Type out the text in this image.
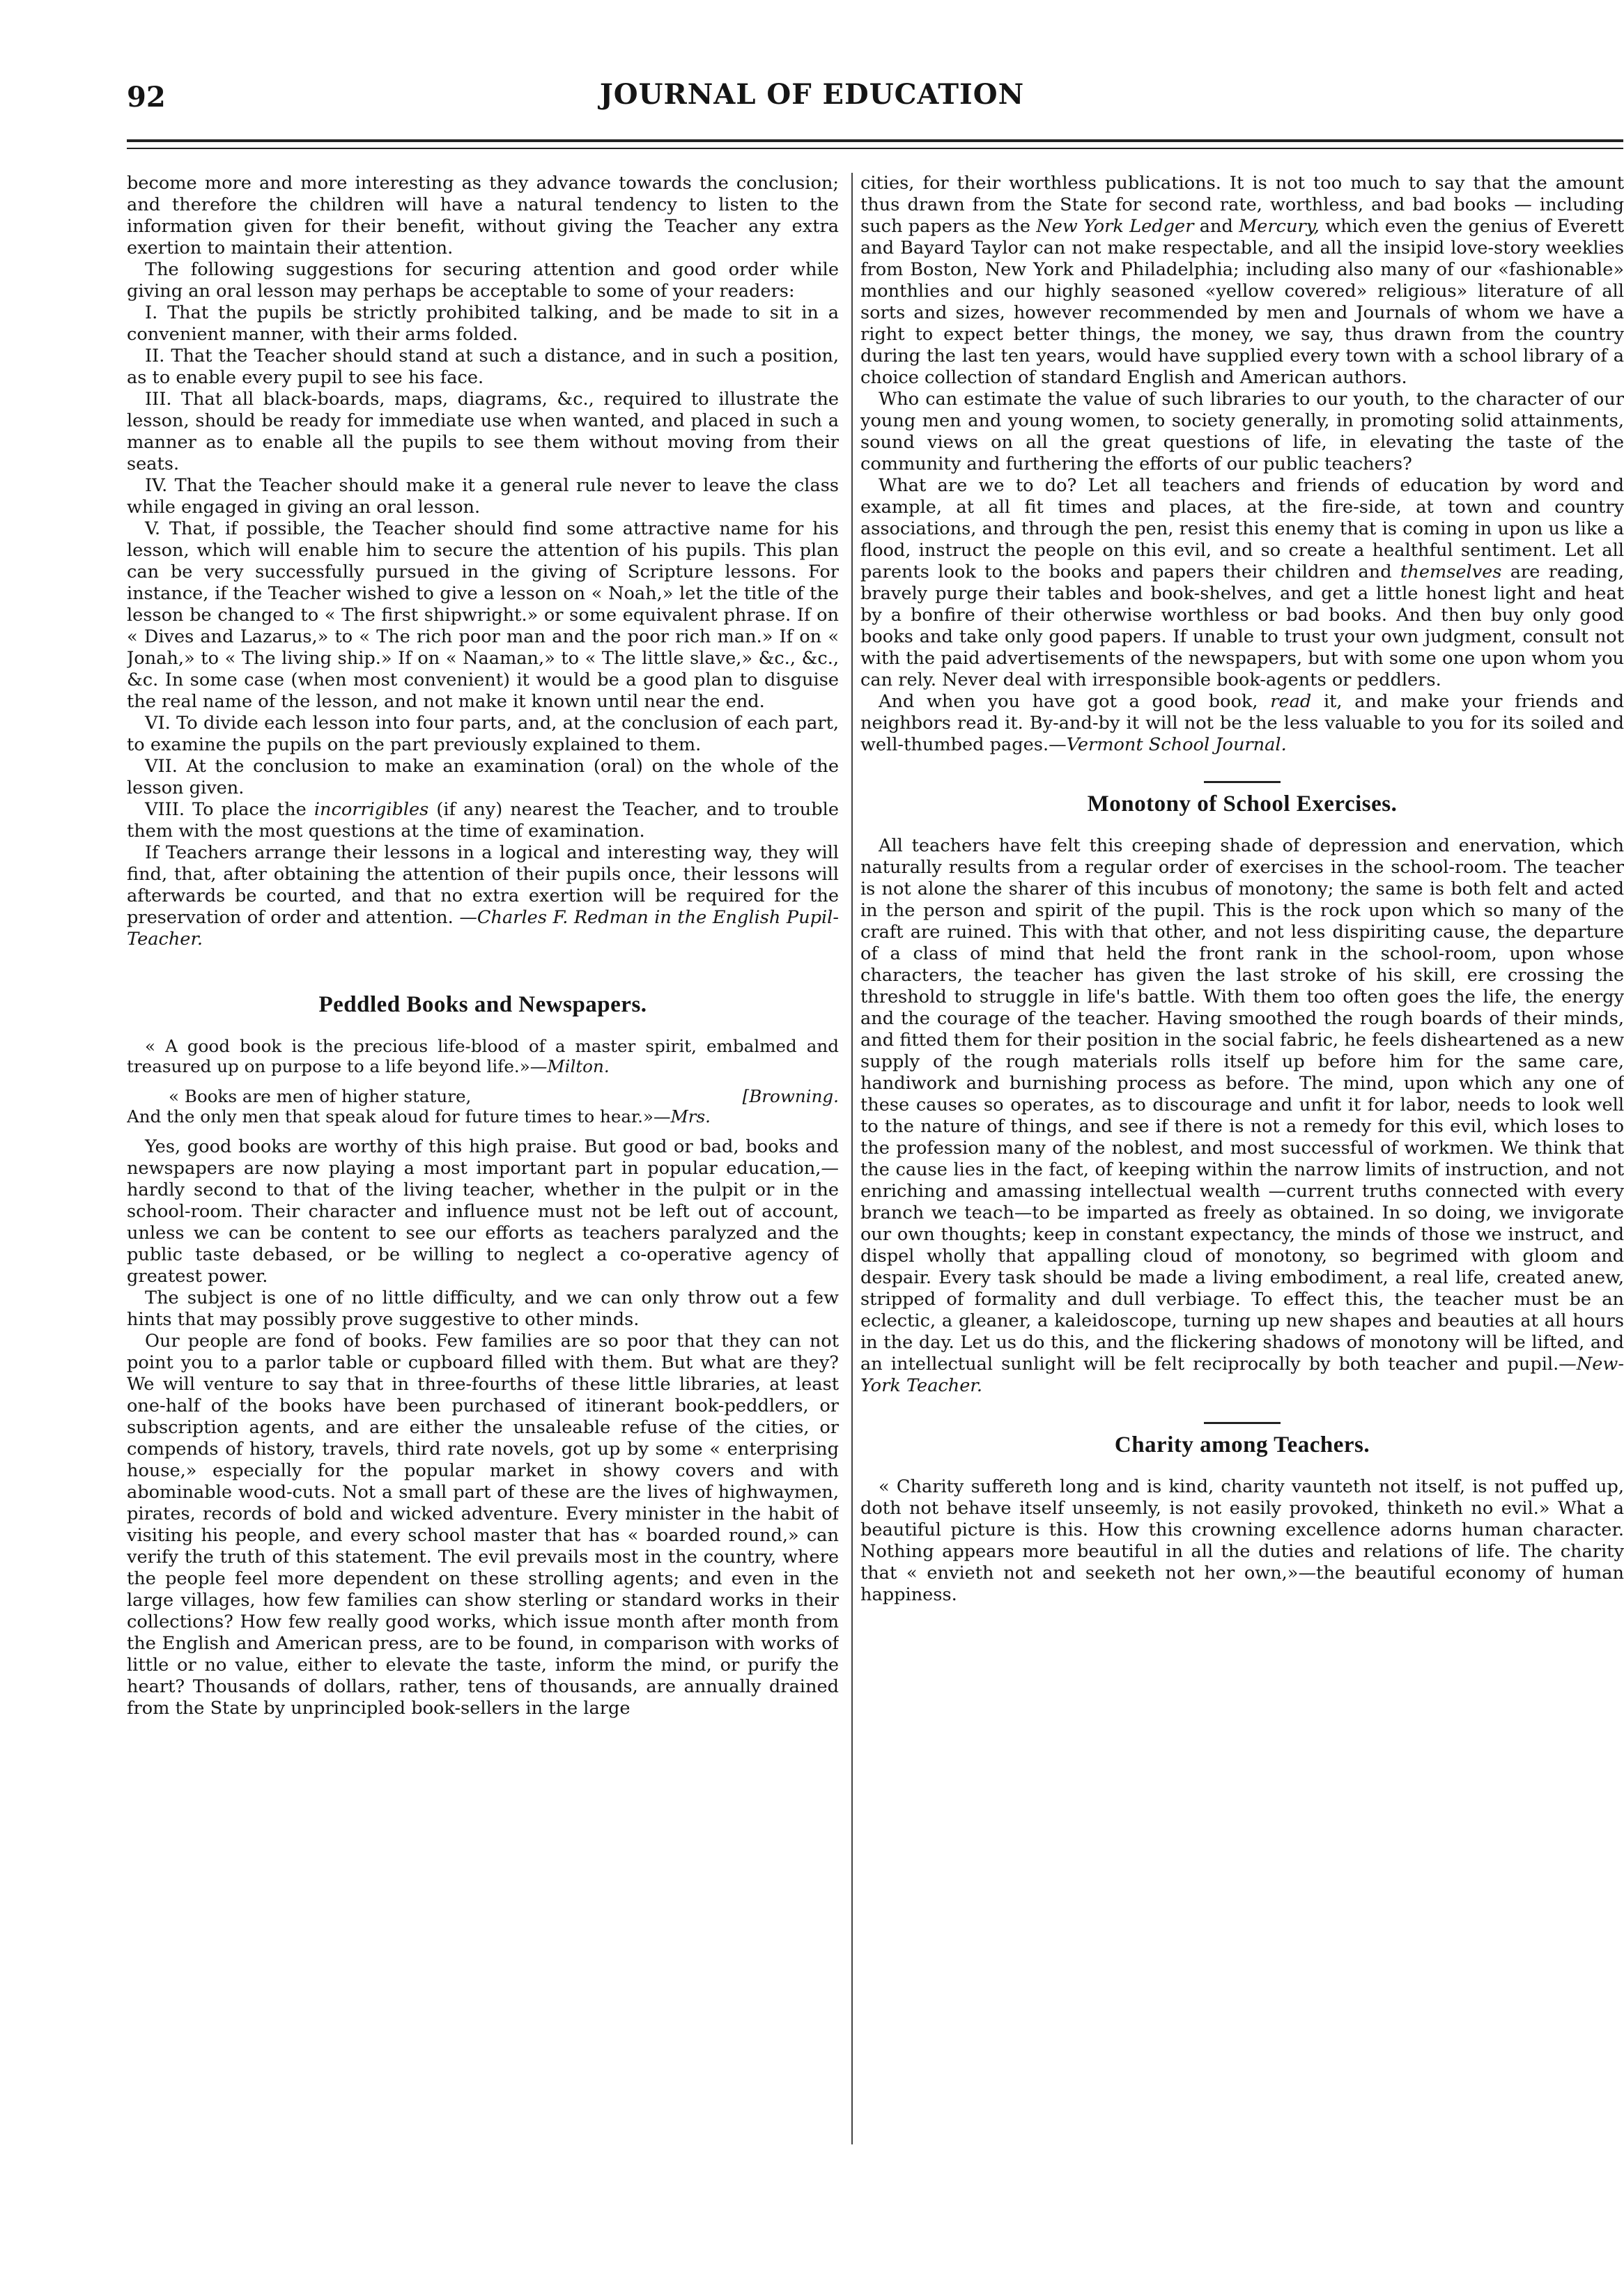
92	JOURNAL OF EDUCATION

become more and more interesting as they advance towards the conclusion; and therefore the children will have a natural tendency to listen to the information given for their benefit, without giving the Teacher any extra exertion to maintain their attention.

The following suggestions for securing attention and good order while giving an oral lesson may perhaps be acceptable to some of your readers:

I. That the pupils be strictly prohibited talking, and be made to sit in a convenient manner, with their arms folded.

II. That the Teacher should stand at such a distance, and in such a position, as to enable every pupil to see his face.

III. That all black-boards, maps, diagrams, &c., required to illustrate the lesson, should be ready for immediate use when wanted, and placed in such a manner as to enable all the pupils to see them without moving from their seats.

IV. That the Teacher should make it a general rule never to leave the class while engaged in giving an oral lesson.

V. That, if possible, the Teacher should find some attractive name for his lesson, which will enable him to secure the attention of his pupils. This plan can be very successfully pursued in the giving of Scripture lessons. For instance, if the Teacher wished to give a lesson on « Noah,» let the title of the lesson be changed to « The first shipwright.» or some equivalent phrase. If on « Dives and Lazarus,» to « The rich poor man and the poor rich man.» If on « Jonah,» to « The living ship.» If on « Naaman,» to « The little slave,» &c., &c., &c. In some case (when most convenient) it would be a good plan to disguise the real name of the lesson, and not make it known until near the end.

VI. To divide each lesson into four parts, and, at the conclusion of each part, to examine the pupils on the part previously explained to them.

VII. At the conclusion to make an examination (oral) on the whole of the lesson given.

VIII. To place the incorrigibles (if any) nearest the Teacher, and to trouble them with the most questions at the time of examination.

If Teachers arrange their lessons in a logical and interesting way, they will find, that, after obtaining the attention of their pupils once, their lessons will afterwards be courted, and that no extra exertion will be required for the preservation of order and attention. —Charles F. Redman in the English Pupil-Teacher.

Peddled Books and Newspapers.

« A good book is the precious life-blood of a master spirit, embalmed and treasured up on purpose to a life beyond life.»—Milton.

« Books are men of higher stature,	[Browning.

And the only men that speak aloud for future times to hear.»—Mrs.

Yes, good books are worthy of this high praise. But good or bad, books and newspapers are now playing a most important part in popular education,—hardly second to that of the living teacher, whether in the pulpit or in the school-room. Their character and influence must not be left out of account, unless we can be content to see our efforts as teachers paralyzed and the public taste debased, or be willing to neglect a co-operative agency of greatest power.

The subject is one of no little difficulty, and we can only throw out a few hints that may possibly prove suggestive to other minds.

Our people are fond of books. Few families are so poor that they can not point you to a parlor table or cupboard filled with them. But what are they? We will venture to say that in three-fourths of these little libraries, at least one-half of the books have been purchased of itinerant book-peddlers, or subscription agents, and are either the unsaleable refuse of the cities, or compends of history, travels, third rate novels, got up by some « enterprising house,» especially for the popular market in showy covers and with abominable wood-cuts. Not a small part of these are the lives of highwaymen, pirates, records of bold and wicked adventure. Every minister in the habit of visiting his people, and every school master that has « boarded round,» can verify the truth of this statement. The evil prevails most in the country, where the people feel more dependent on these strolling agents; and even in the large villages, how few families can show sterling or standard works in their collections? How few really good works, which issue month after month from the English and American press, are to be found, in comparison with works of little or no value, either to elevate the taste, inform the mind, or purify the heart? Thousands of dollars, rather, tens of thousands, are annually drained from the State by unprincipled book-sellers in the large

cities, for their worthless publications. It is not too much to say that the amount thus drawn from the State for second rate, worthless, and bad books — including such papers as the New York Ledger and Mercury, which even the genius of Everett and Bayard Taylor can not make respectable, and all the insipid love-story weeklies from Boston, New York and Philadelphia; including also many of our «fashionable» monthlies and our highly seasoned «yellow covered» religious» literature of all sorts and sizes, however recommended by men and Journals of whom we have a right to expect better things, the money, we say, thus drawn from the country during the last ten years, would have supplied every town with a school library of a choice collection of standard English and American authors.

Who can estimate the value of such libraries to our youth, to the character of our young men and young women, to society generally, in promoting solid attainments, sound views on all the great questions of life, in elevating the taste of the community and furthering the efforts of our public teachers?

What are we to do? Let all teachers and friends of education by word and example, at all fit times and places, at the fire-side, at town and country associations, and through the pen, resist this enemy that is coming in upon us like a flood, instruct the people on this evil, and so create a healthful sentiment. Let all parents look to the books and papers their children and themselves are reading, bravely purge their tables and book-shelves, and get a little honest light and heat by a bonfire of their otherwise worthless or bad books. And then buy only good books and take only good papers. If unable to trust your own judgment, consult not with the paid advertisements of the newspapers, but with some one upon whom you can rely. Never deal with irresponsible book-agents or peddlers.

And when you have got a good book, read it, and make your friends and neighbors read it. By-and-by it will not be the less valuable to you for its soiled and well-thumbed pages.—Vermont School Journal.

Monotony of School Exercises.

All teachers have felt this creeping shade of depression and enervation, which naturally results from a regular order of exercises in the school-room. The teacher is not alone the sharer of this incubus of monotony; the same is both felt and acted in the person and spirit of the pupil. This is the rock upon which so many of the craft are ruined. This with that other, and not less dispiriting cause, the departure of a class of mind that held the front rank in the school-room, upon whose characters, the teacher has given the last stroke of his skill, ere crossing the threshold to struggle in life's battle. With them too often goes the life, the energy and the courage of the teacher. Having smoothed the rough boards of their minds, and fitted them for their position in the social fabric, he feels disheartened as a new supply of the rough materials rolls itself up before him for the same care, handiwork and burnishing process as before. The mind, upon which any one of these causes so operates, as to discourage and unfit it for labor, needs to look well to the nature of things, and see if there is not a remedy for this evil, which loses to the profession many of the noblest, and most successful of workmen. We think that the cause lies in the fact, of keeping within the narrow limits of instruction, and not enriching and amassing intellectual wealth —current truths connected with every branch we teach—to be imparted as freely as obtained. In so doing, we invigorate our own thoughts; keep in constant expectancy, the minds of those we instruct, and dispel wholly that appalling cloud of monotony, so begrimed with gloom and despair. Every task should be made a living embodiment, a real life, created anew, stripped of formality and dull verbiage. To effect this, the teacher must be an eclectic, a gleaner, a kaleidoscope, turning up new shapes and beauties at all hours in the day. Let us do this, and the flickering shadows of monotony will be lifted, and an intellectual sunlight will be felt reciprocally by both teacher and pupil.—New-York Teacher.

Charity among Teachers.

« Charity suffereth long and is kind, charity vaunteth not itself, is not puffed up, doth not behave itself unseemly, is not easily provoked, thinketh no evil.» What a beautiful picture is this. How this crowning excellence adorns human character. Nothing appears more beautiful in all the duties and relations of life. The charity that « envieth not and seeketh not her own,»—the beautiful economy of human happiness.
